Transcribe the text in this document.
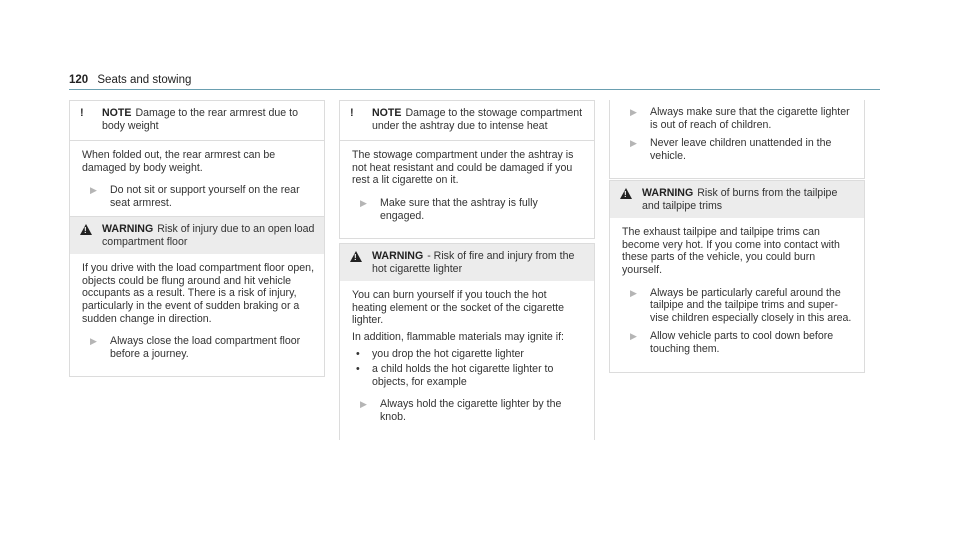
120 Seats and stowing
!	NOTE Damage to the rear armrest due to body weight

When folded out, the rear armrest can be damaged by body weight.

▶	Do not sit or support yourself on the rear seat armrest.
! WARNING Risk of injury due to an open load compartment floor

If you drive with the load compartment floor open, objects could be flung around and hit vehicle occupants as a result. There is a risk of injury, particularly in the event of sudden braking or a sudden change in direction.

▶	Always close the load compartment floor before a journey.
!	NOTE Damage to the stowage compartment under the ashtray due to intense heat

The stowage compartment under the ashtray is not heat resistant and could be damaged if you rest a lit cigarette on it.

▶	Make sure that the ashtray is fully engaged.
! WARNING - Risk of fire and injury from the hot cigarette lighter

You can burn yourself if you touch the hot heating element or the socket of the cigarette lighter.

In addition, flammable materials may ignite if:

•	you drop the hot cigarette lighter
•	a child holds the hot cigarette lighter to objects, for example
▶	Always hold the cigarette lighter by the knob.
▶	Always make sure that the cigarette lighter is out of reach of children.
▶	Never leave children unattended in the vehicle.
! WARNING Risk of burns from the tailpipe and tailpipe trims

The exhaust tailpipe and tailpipe trims can become very hot. If you come into contact with these parts of the vehicle, you could burn yourself.

▶	Always be particularly careful around the tailpipe and the tailpipe trims and super-vise children especially closely in this area.
▶	Allow vehicle parts to cool down before touching them.
